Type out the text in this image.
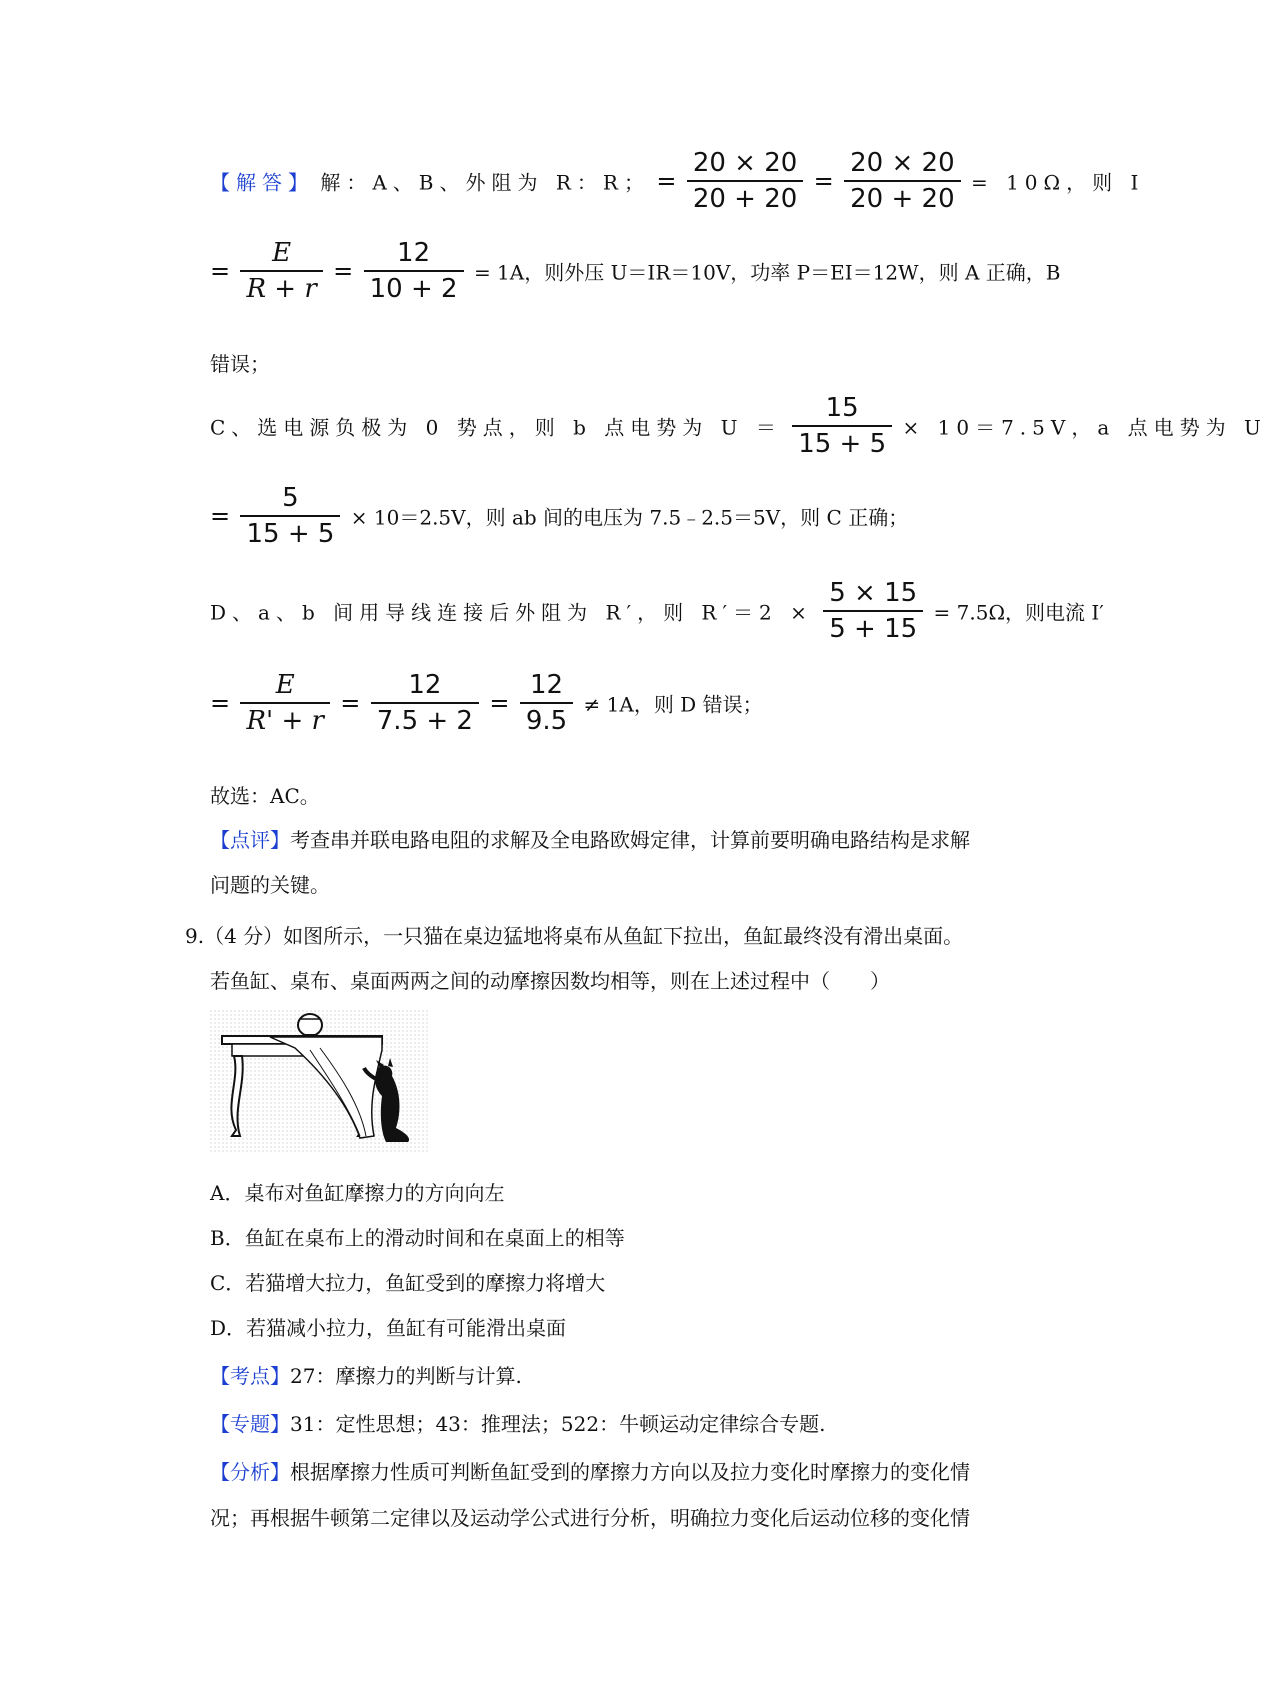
【解答】 解：A、B、外阻为 R：R； = $\frac{20 \times 20}{20 + 20} = \frac{20 \times 20}{20 + 20} = 10\Omega$，则 I
= $\frac{E}{R + r} = \frac{12}{10 + 2} = 1A$，则外压 U＝IR＝10V，功率 P＝EI＝12W，则 A 正确，B
错误；
C、选电源负极为 0 势点，则 b 点电势为 $U = \frac{15}{15 + 5} \times 10=7.5V$，a 点电势为 U
= $\frac{5}{15 + 5} \times 10=2.5V$，则 ab 间的电压为 7.5﹣2.5＝5V，则 C 正确；
D、a、b 间用导线连接后外阻为 R′，则 $R'=2 \times \frac{5 \times 15}{5 + 15} = 7.5\Omega$，则电流 I′
= $\frac{E}{R' + r} = \frac{12}{7.5 + 2} = \frac{12}{9.5} \ne 1A$，则 D 错误；
故选：AC。
【点评】考查串并联电路电阻的求解及全电路欧姆定律，计算前要明确电路结构是求解
问题的关键。
9.（4 分）如图所示，一只猫在桌边猛地将桌布从鱼缸下拉出，鱼缸最终没有滑出桌面。
若鱼缸、桌布、桌面两两之间的动摩擦因数均相等，则在上述过程中（　　）
A．桌布对鱼缸摩擦力的方向向左
B．鱼缸在桌布上的滑动时间和在桌面上的相等
C．若猫增大拉力，鱼缸受到的摩擦力将增大
D．若猫减小拉力，鱼缸有可能滑出桌面
【考点】27：摩擦力的判断与计算.
【专题】31：定性思想；43：推理法；522：牛顿运动定律综合专题.
【分析】根据摩擦力性质可判断鱼缸受到的摩擦力方向以及拉力变化时摩擦力的变化情
况；再根据牛顿第二定律以及运动学公式进行分析，明确拉力变化后运动位移的变化情
